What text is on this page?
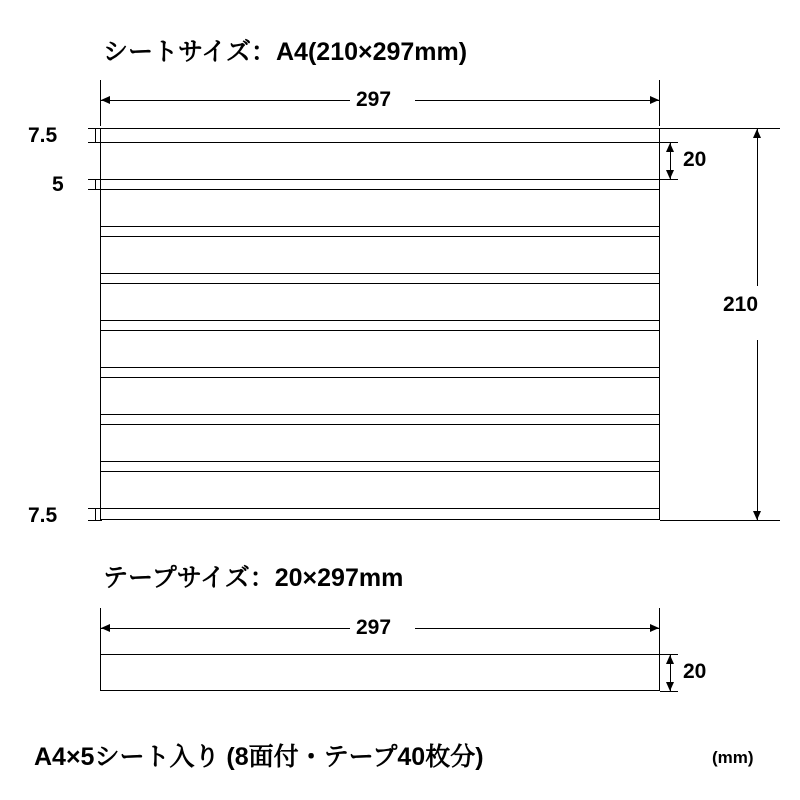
シートサイズ：A4(210×297mm)
297
7.5
5
7.5
20
210
テープサイズ：20×297mm
297
20
A4×5シート入り (8面付・テープ40枚分)	(mm)
